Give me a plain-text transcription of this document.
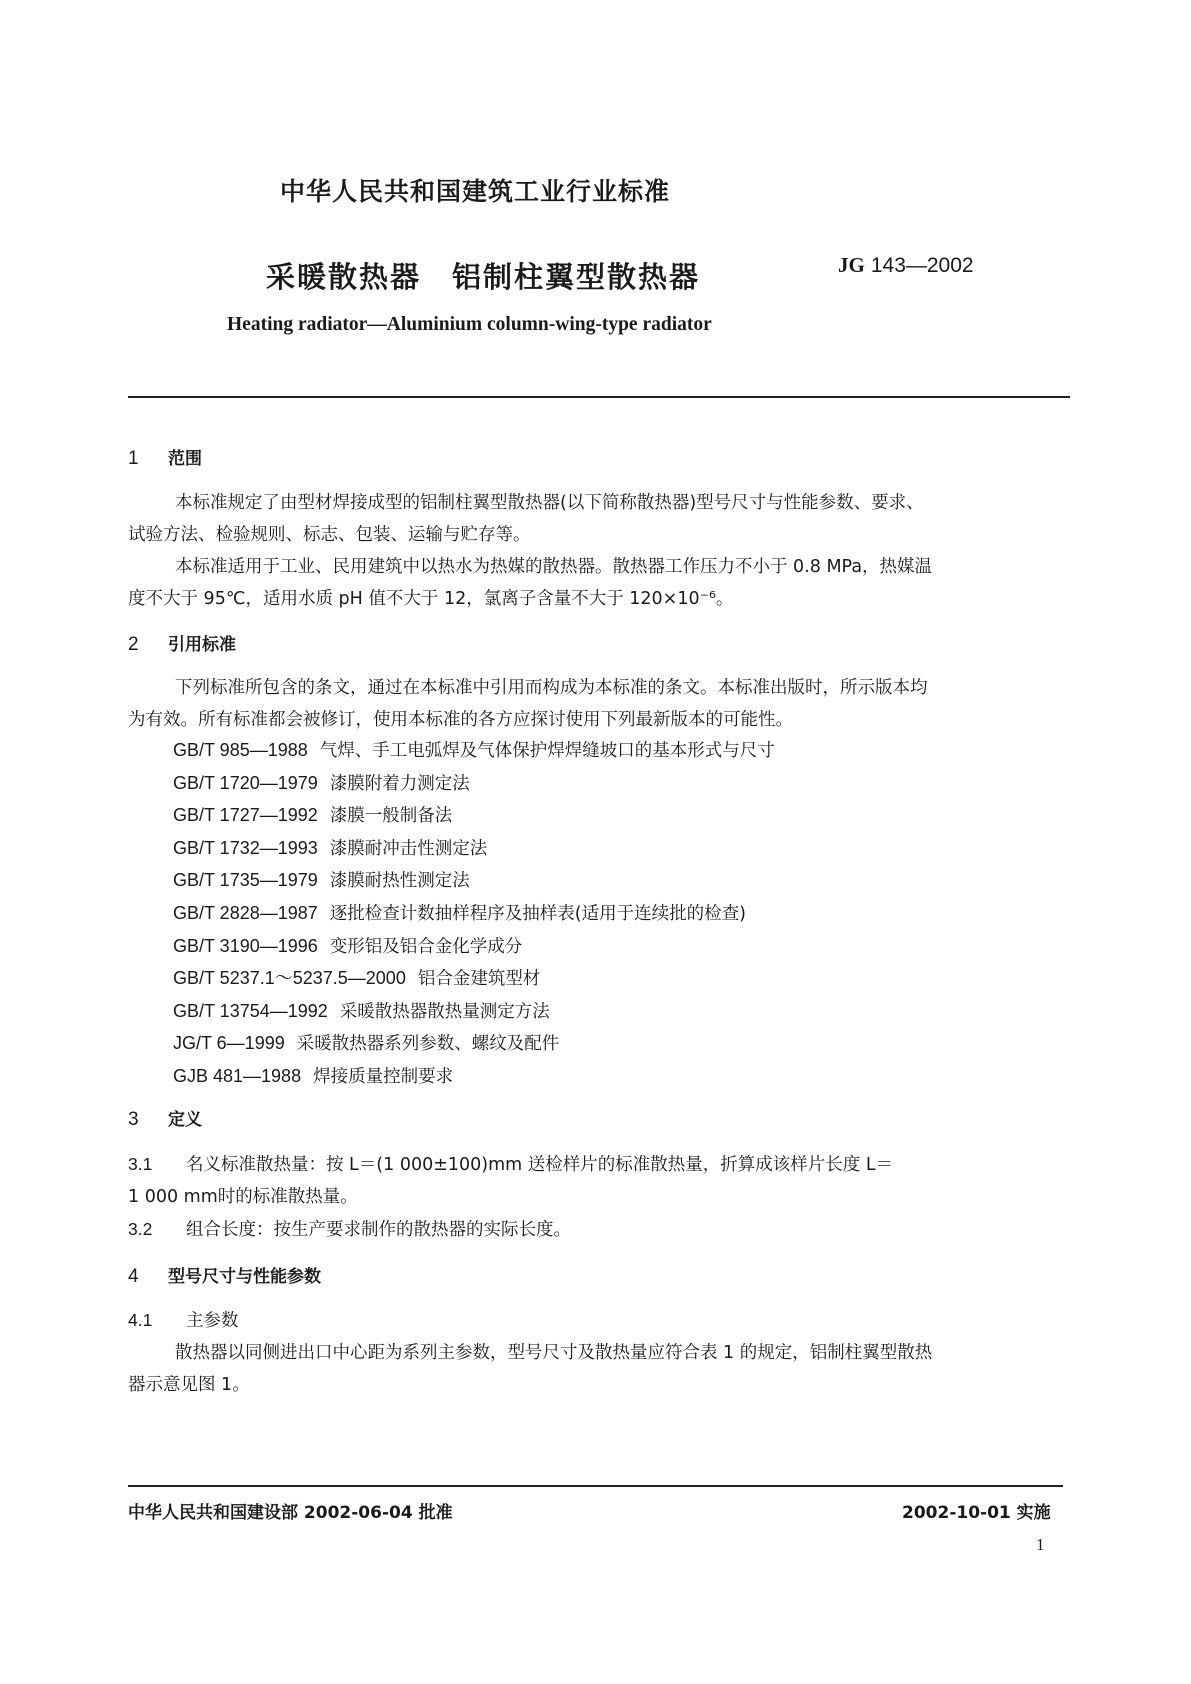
中华人民共和国建筑工业行业标准
采暖散热器　铝制柱翼型散热器	JG 143—2002
Heating radiator—Aluminium column-wing-type radiator
1 范围
本标准规定了由型材焊接成型的铝制柱翼型散热器(以下简称散热器)型号尺寸与性能参数、要求、
试验方法、检验规则、标志、包装、运输与贮存等。
本标准适用于工业、民用建筑中以热水为热媒的散热器。散热器工作压力不小于 0.8 MPa，热媒温
度不大于 95℃，适用水质 pH 值不大于 12，氯离子含量不大于 120×10⁻⁶。
2 引用标准
下列标准所包含的条文，通过在本标准中引用而构成为本标准的条文。本标准出版时，所示版本均
为有效。所有标准都会被修订，使用本标准的各方应探讨使用下列最新版本的可能性。
GB/T 985—1988 气焊、手工电弧焊及气体保护焊焊缝坡口的基本形式与尺寸
GB/T 1720—1979 漆膜附着力测定法
GB/T 1727—1992 漆膜一般制备法
GB/T 1732—1993 漆膜耐冲击性测定法
GB/T 1735—1979 漆膜耐热性测定法
GB/T 2828—1987 逐批检查计数抽样程序及抽样表(适用于连续批的检查)
GB/T 3190—1996 变形铝及铝合金化学成分
GB/T 5237.1～5237.5—2000 铝合金建筑型材
GB/T 13754—1992 采暖散热器散热量测定方法
JG/T 6—1999 采暖散热器系列参数、螺纹及配件
GJB 481—1988 焊接质量控制要求
3 定义
3.1 名义标准散热量：按 L＝(1 000±100)mm 送检样片的标准散热量，折算成该样片长度 L＝
1 000 mm时的标准散热量。
3.2 组合长度：按生产要求制作的散热器的实际长度。
4 型号尺寸与性能参数
4.1 主参数
散热器以同侧进出口中心距为系列主参数，型号尺寸及散热量应符合表 1 的规定，铝制柱翼型散热
器示意见图 1。
中华人民共和国建设部 2002-06-04 批准	2002-10-01 实施
1
